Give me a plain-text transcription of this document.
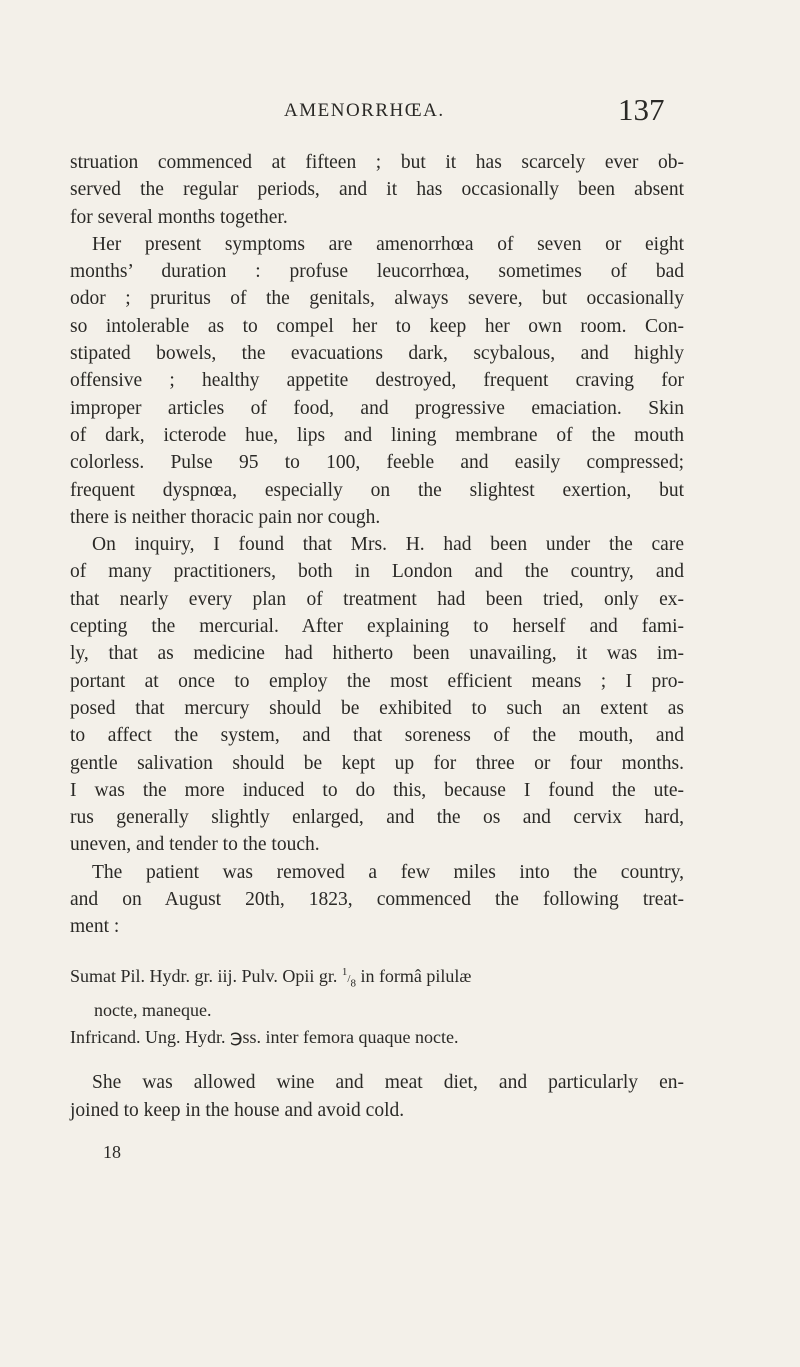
AMENORRHŒA.	137
struation commenced at fifteen ; but it has scarcely ever ob-
served the regular periods, and it has occasionally been absent
for several months together.
Her present symptoms are amenorrhœa of seven or eight
months’ duration : profuse leucorrhœa, sometimes of bad
odor ; pruritus of the genitals, always severe, but occasionally
so intolerable as to compel her to keep her own room. Con-
stipated bowels, the evacuations dark, scybalous, and highly
offensive ; healthy appetite destroyed, frequent craving for
improper articles of food, and progressive emaciation. Skin
of dark, icterode hue, lips and lining membrane of the mouth
colorless. Pulse 95 to 100, feeble and easily compressed;
frequent dyspnœa, especially on the slightest exertion, but
there is neither thoracic pain nor cough.
On inquiry, I found that Mrs. H. had been under the care
of many practitioners, both in London and the country, and
that nearly every plan of treatment had been tried, only ex-
cepting the mercurial. After explaining to herself and fami-
ly, that as medicine had hitherto been unavailing, it was im-
portant at once to employ the most efficient means ; I pro-
posed that mercury should be exhibited to such an extent as
to affect the system, and that soreness of the mouth, and
gentle salivation should be kept up for three or four months.
I was the more induced to do this, because I found the ute-
rus generally slightly enlarged, and the os and cervix hard,
uneven, and tender to the touch.
The patient was removed a few miles into the country,
and on August 20th, 1823, commenced the following treat-
ment :
Sumat Pil. Hydr. gr. iij. Pulv. Opii gr. $^1/_8$ in formâ pilulæ
nocte, maneque.
Infricand. Ung. Hydr. ℈ss. inter femora quaque nocte.
She was allowed wine and meat diet, and particularly en-
joined to keep in the house and avoid cold.
18
